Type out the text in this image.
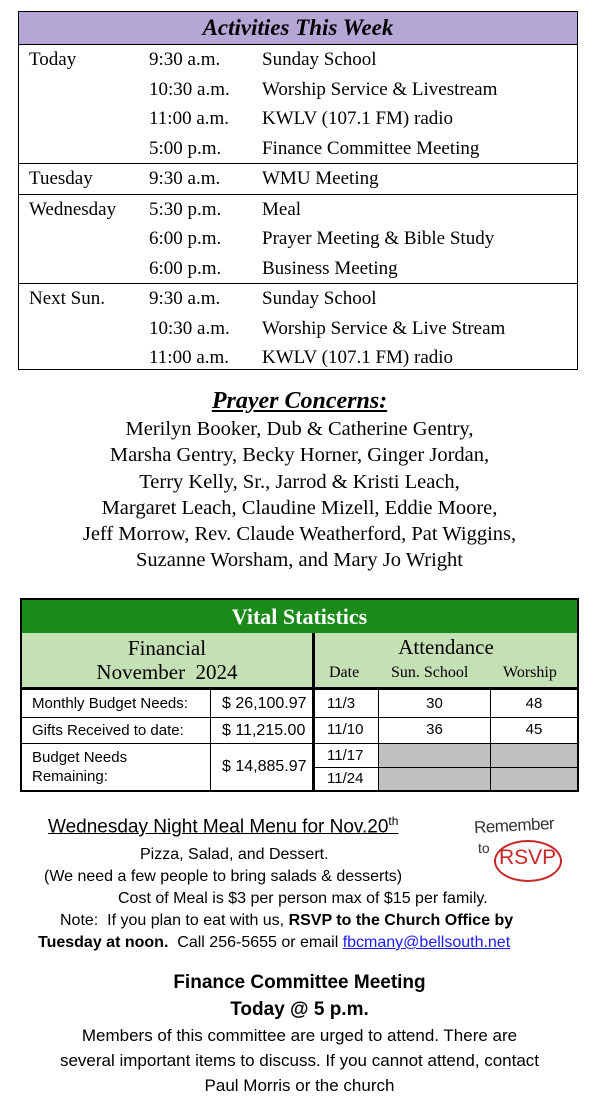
Activities This Week
Today	9:30 a.m. Sunday School
10:30 a.m. Worship Service & Livestream
11:00 a.m. KWLV (107.1 FM) radio
5:00 p.m. Finance Committee Meeting
Tuesday	9:30 a.m. WMU Meeting
Wednesday 5:30 p.m. Meal
6:00 p.m. Prayer Meeting & Bible Study
6:00 p.m. Business Meeting
Next Sun. 9:30 a.m. Sunday School
10:30 a.m. Worship Service & Live Stream
11:00 a.m. KWLV (107.1 FM) radio
Prayer Concerns:
Merilyn Booker, Dub & Catherine Gentry,
Marsha Gentry, Becky Horner, Ginger Jordan,
Terry Kelly, Sr., Jarrod & Kristi Leach,
Margaret Leach, Claudine Mizell, Eddie Moore,
Jeff Morrow, Rev. Claude Weatherford, Pat Wiggins,
Suzanne Worsham, and Mary Jo Wright
Vital Statistics
Financial
November  2024
Attendance
Date Sun. School Worship
Monthly Budget Needs: $ 26,100.97
Gifts Received to date: $ 11,215.00
Budget Needs
Remaining:
$ 14,885.97
11/3	30	48
11/10	36	45
11/17
11/24
Wednesday Night Meal Menu for Nov.20th	Remember
to RSVP
Pizza, Salad, and Dessert.
(We need a few people to bring salads & desserts)
Cost of Meal is $3 per person max of $15 per family.
Note:  If you plan to eat with us, RSVP to the Church Office by
Tuesday at noon.  Call 256-5655 or email fbcmany@bellsouth.net
Finance Committee Meeting
Today @ 5 p.m.
Members of this committee are urged to attend. There are
several important items to discuss. If you cannot attend, contact
Paul Morris or the church
